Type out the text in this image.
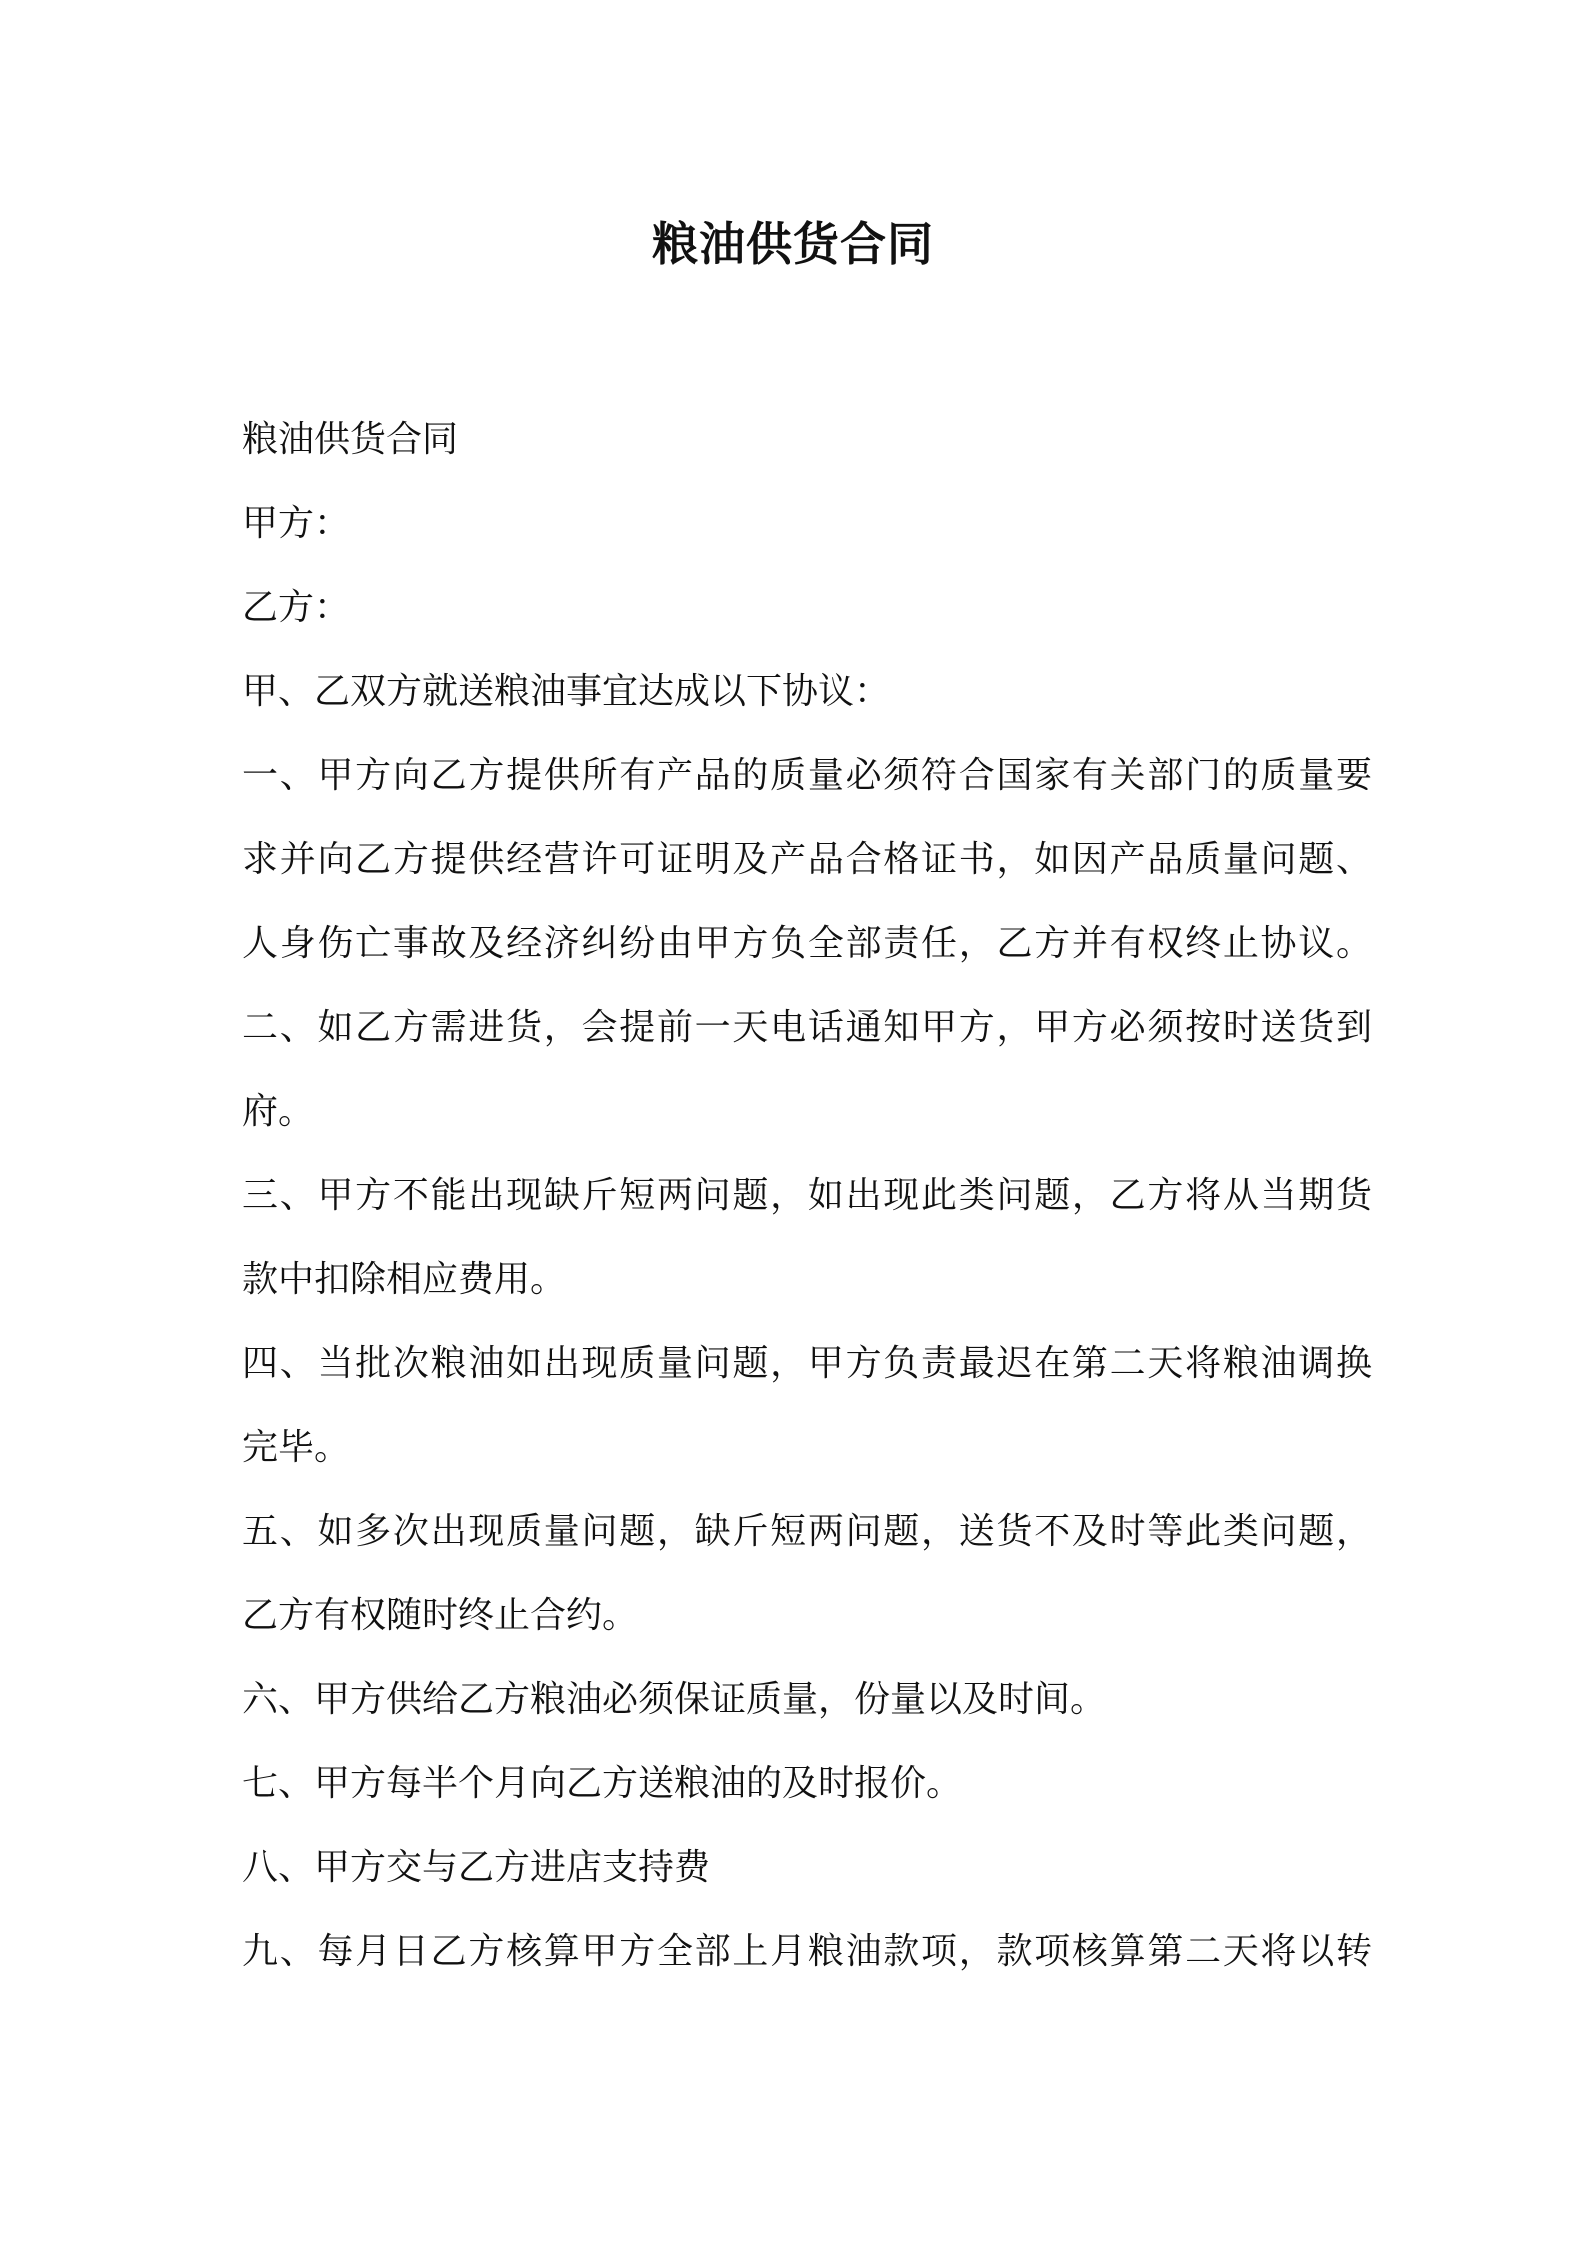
粮油供货合同

粮油供货合同

甲方：

乙方：

甲、乙双方就送粮油事宜达成以下协议：

一、甲方向乙方提供所有产品的质量必须符合国家有关部门的质量要

求并向乙方提供经营许可证明及产品合格证书，如因产品质量问题、

人身伤亡事故及经济纠纷由甲方负全部责任，乙方并有权终止协议。

二、如乙方需进货，会提前一天电话通知甲方，甲方必须按时送货到

府。

三、甲方不能出现缺斤短两问题，如出现此类问题，乙方将从当期货

款中扣除相应费用。

四、当批次粮油如出现质量问题，甲方负责最迟在第二天将粮油调换

完毕。

五、如多次出现质量问题，缺斤短两问题，送货不及时等此类问题，

乙方有权随时终止合约。

六、甲方供给乙方粮油必须保证质量，份量以及时间。

七、甲方每半个月向乙方送粮油的及时报价。

八、甲方交与乙方进店支持费

九、每月日乙方核算甲方全部上月粮油款项，款项核算第二天将以转
